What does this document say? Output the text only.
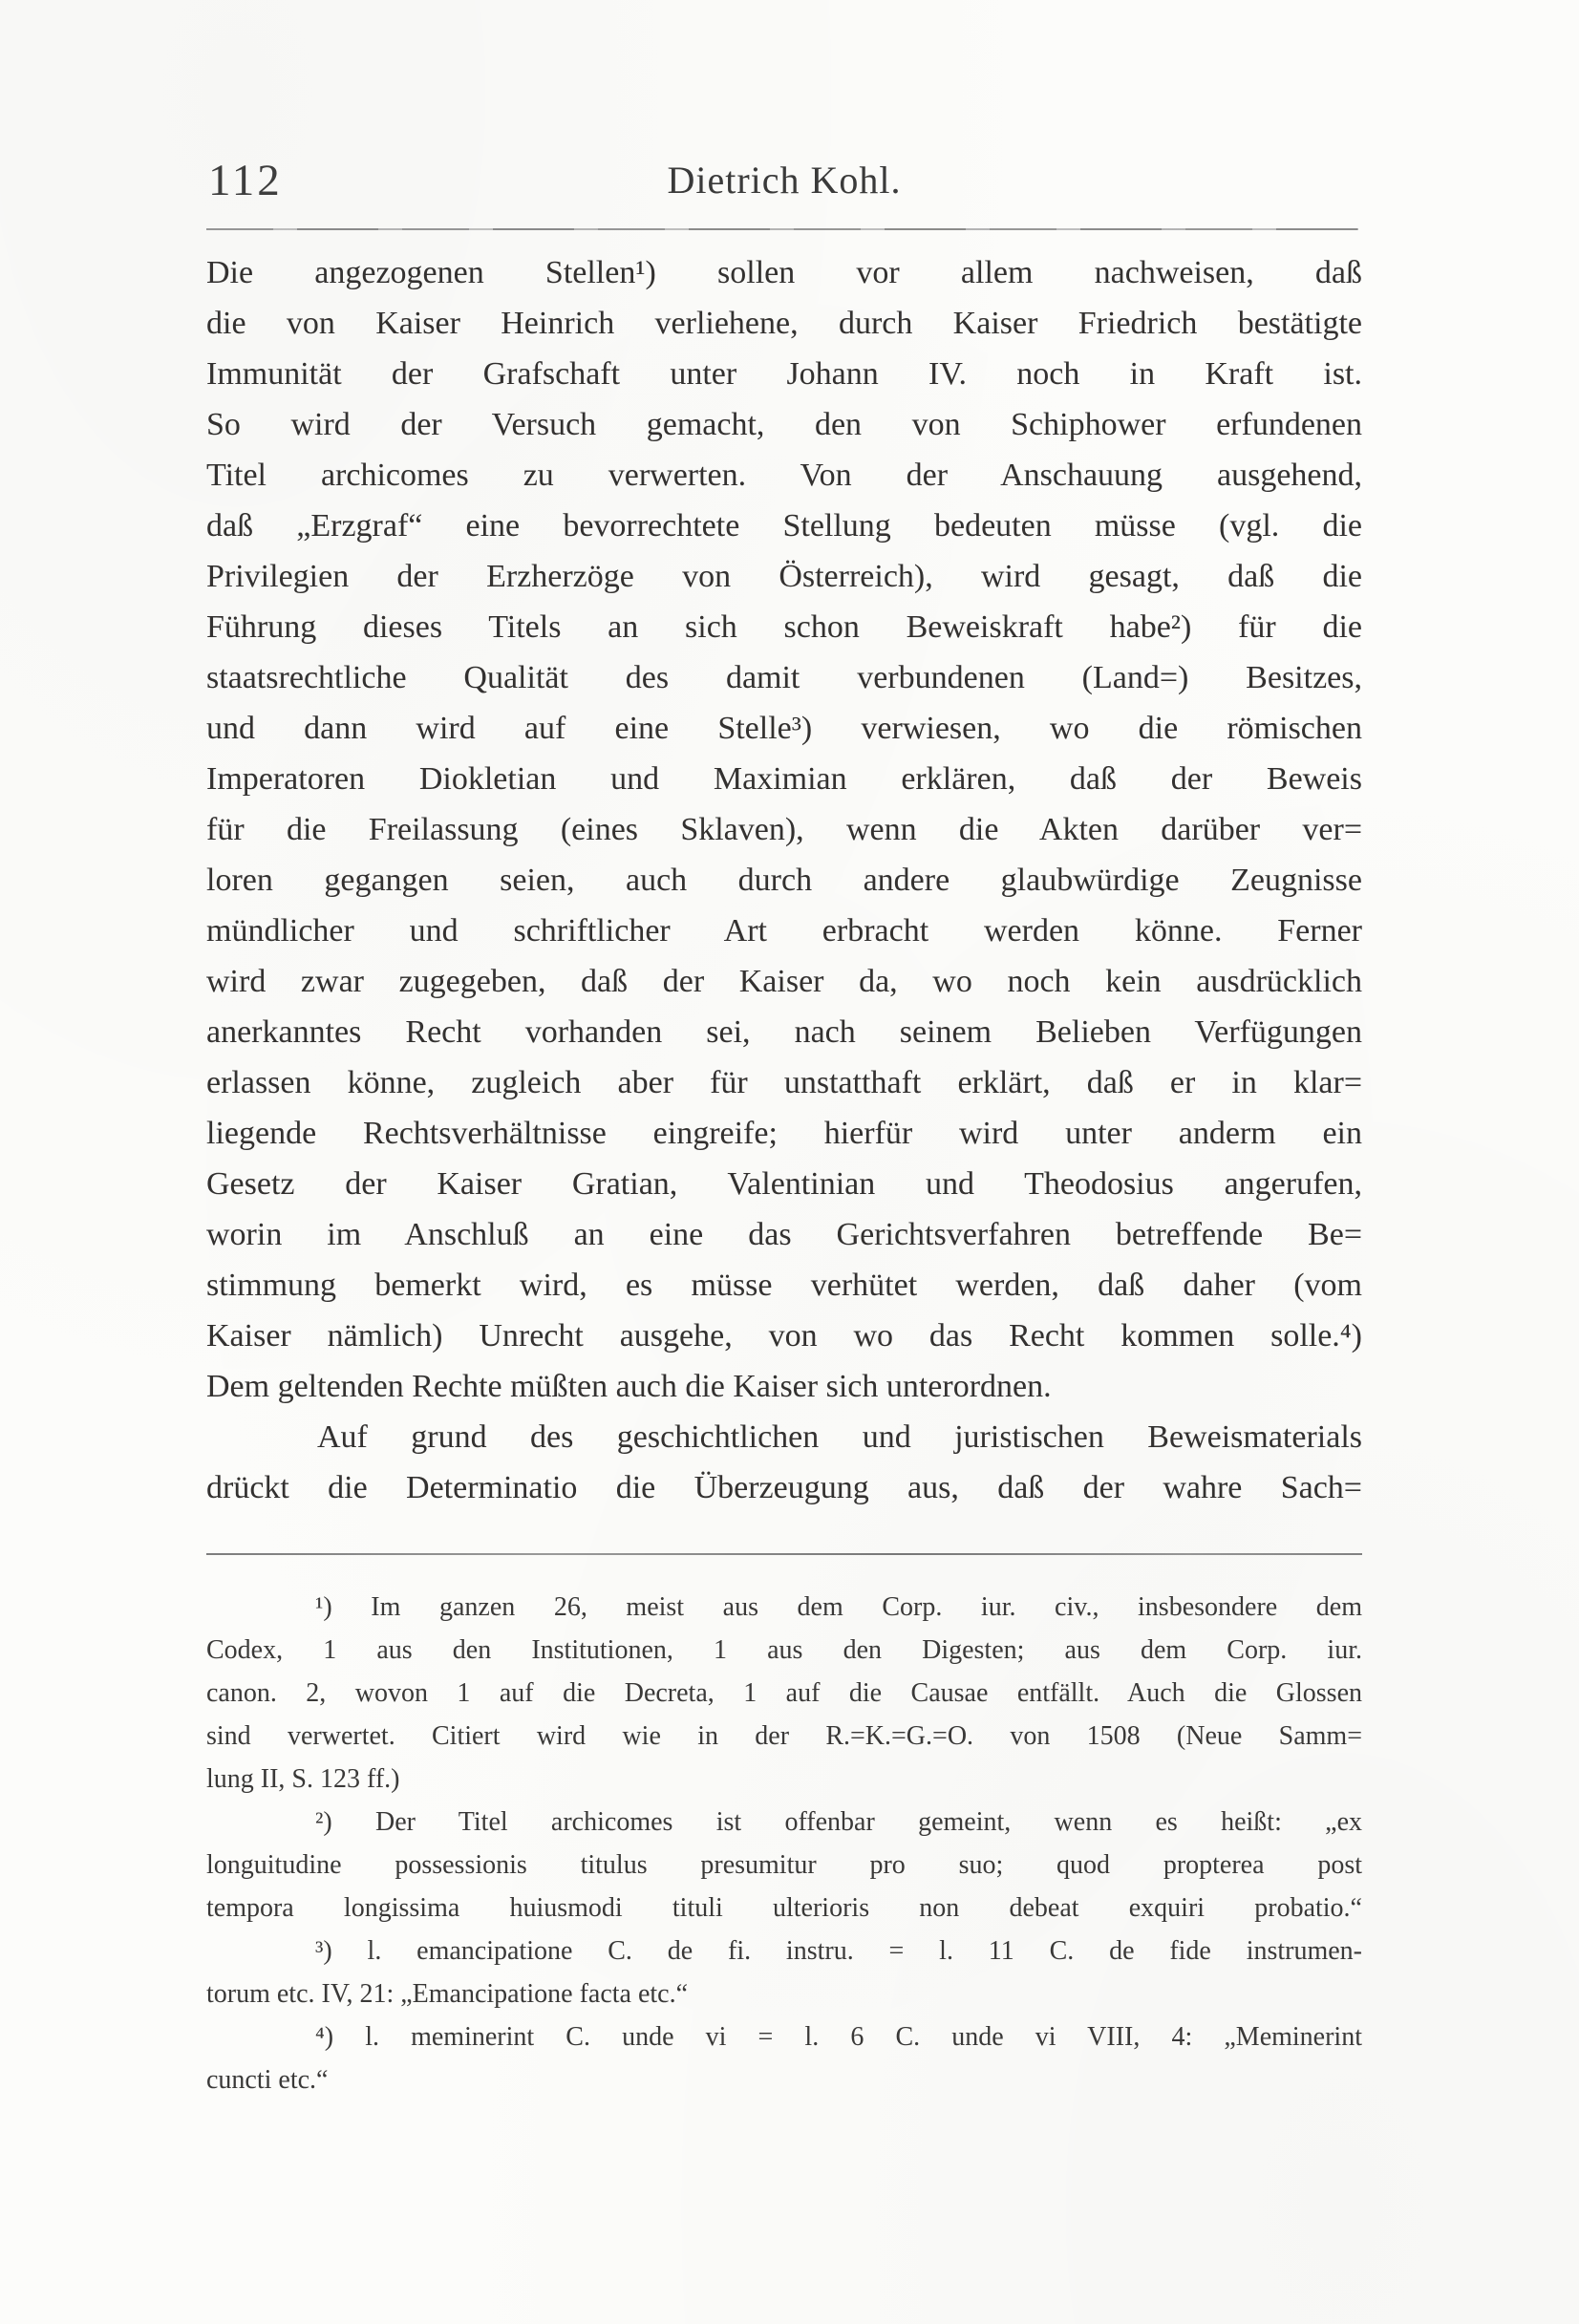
112	Dietrich Kohl.
Die angezogenen Stellen¹) sollen vor allem nachweisen, daß
die von Kaiser Heinrich verliehene, durch Kaiser Friedrich bestätigte
Immunität der Grafschaft unter Johann IV. noch in Kraft ist.
So wird der Versuch gemacht, den von Schiphower erfundenen
Titel archicomes zu verwerten. Von der Anschauung ausgehend,
daß „Erzgraf“ eine bevorrechtete Stellung bedeuten müsse (vgl. die
Privilegien der Erzherzöge von Österreich), wird gesagt, daß die
Führung dieses Titels an sich schon Beweiskraft habe²) für die
staatsrechtliche Qualität des damit verbundenen (Land=) Besitzes,
und dann wird auf eine Stelle³) verwiesen, wo die römischen
Imperatoren Diokletian und Maximian erklären, daß der Beweis
für die Freilassung (eines Sklaven), wenn die Akten darüber ver=
loren gegangen seien, auch durch andere glaubwürdige Zeugnisse
mündlicher und schriftlicher Art erbracht werden könne. Ferner
wird zwar zugegeben, daß der Kaiser da, wo noch kein ausdrücklich
anerkanntes Recht vorhanden sei, nach seinem Belieben Verfügungen
erlassen könne, zugleich aber für unstatthaft erklärt, daß er in klar=
liegende Rechtsverhältnisse eingreife; hierfür wird unter anderm ein
Gesetz der Kaiser Gratian, Valentinian und Theodosius angerufen,
worin im Anschluß an eine das Gerichtsverfahren betreffende Be=
stimmung bemerkt wird, es müsse verhütet werden, daß daher (vom
Kaiser nämlich) Unrecht ausgehe, von wo das Recht kommen solle.⁴)
Dem geltenden Rechte müßten auch die Kaiser sich unterordnen.
Auf grund des geschichtlichen und juristischen Beweismaterials
drückt die Determinatio die Überzeugung aus, daß der wahre Sach=
¹) Im ganzen 26, meist aus dem Corp. iur. civ., insbesondere dem
Codex, 1 aus den Institutionen, 1 aus den Digesten; aus dem Corp. iur.
canon. 2, wovon 1 auf die Decreta, 1 auf die Causae entfällt. Auch die Glossen
sind verwertet. Citiert wird wie in der R.=K.=G.=O. von 1508 (Neue Samm=
lung II, S. 123 ff.)
²) Der Titel archicomes ist offenbar gemeint, wenn es heißt: „ex
longuitudine possessionis titulus presumitur pro suo; quod propterea post
tempora longissima huiusmodi tituli ulterioris non debeat exquiri probatio.“
³) l. emancipatione C. de fi. instru. = l. 11 C. de fide instrumen-
torum etc. IV, 21: „Emancipatione facta etc.“
⁴) l. meminerint C. unde vi = l. 6 C. unde vi VIII, 4: „Meminerint
cuncti etc.“
